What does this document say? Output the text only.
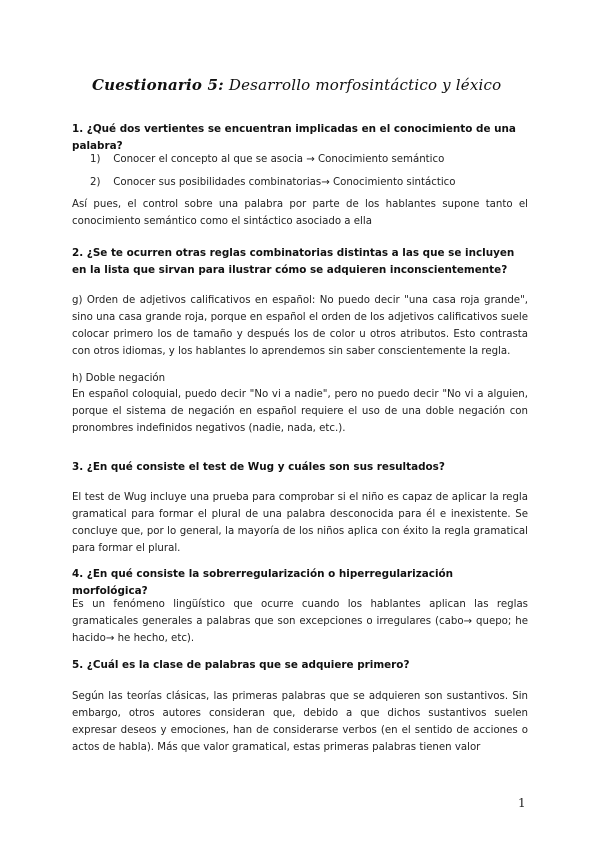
Cuestionario 5: Desarrollo morfosintáctico y léxico
1. ¿Qué dos vertientes se encuentran implicadas en el conocimiento de una palabra?
1) Conocer el concepto al que se asocia → Conocimiento semántico
2) Conocer sus posibilidades combinatorias→ Conocimiento sintáctico
Así pues, el control sobre una palabra por parte de los hablantes supone tanto el conocimiento semántico como el sintáctico asociado a ella
2. ¿Se te ocurren otras reglas combinatorias distintas a las que se incluyen en la lista que sirvan para ilustrar cómo se adquieren inconscientemente?
g) Orden de adjetivos calificativos en español: No puedo decir "una casa roja grande", sino una casa grande roja, porque en español el orden de los adjetivos calificativos suele colocar primero los de tamaño y después los de color u otros atributos. Esto contrasta con otros idiomas, y los hablantes lo aprendemos sin saber conscientemente la regla.
h) Doble negación
En español coloquial, puedo decir "No vi a nadie", pero no puedo decir "No vi a alguien, porque el sistema de negación en español requiere el uso de una doble negación con pronombres indefinidos negativos (nadie, nada, etc.).
3. ¿En qué consiste el test de Wug y cuáles son sus resultados?
El test de Wug incluye una prueba para comprobar si el niño es capaz de aplicar la regla gramatical para formar el plural de una palabra desconocida para él e inexistente. Se concluye que, por lo general, la mayoría de los niños aplica con éxito la regla gramatical para formar el plural.
4. ¿En qué consiste la sobrerregularización o hiperregularización morfológica?
Es un fenómeno lingüístico que ocurre cuando los hablantes aplican las reglas gramaticales generales a palabras que son excepciones o irregulares (cabo→ quepo; he hacido→ he hecho, etc).
5. ¿Cuál es la clase de palabras que se adquiere primero?
Según las teorías clásicas, las primeras palabras que se adquieren son sustantivos. Sin embargo, otros autores consideran que, debido a que dichos sustantivos suelen expresar deseos y emociones, han de considerarse verbos (en el sentido de acciones o actos de habla). Más que valor gramatical, estas primeras palabras tienen valor
1
